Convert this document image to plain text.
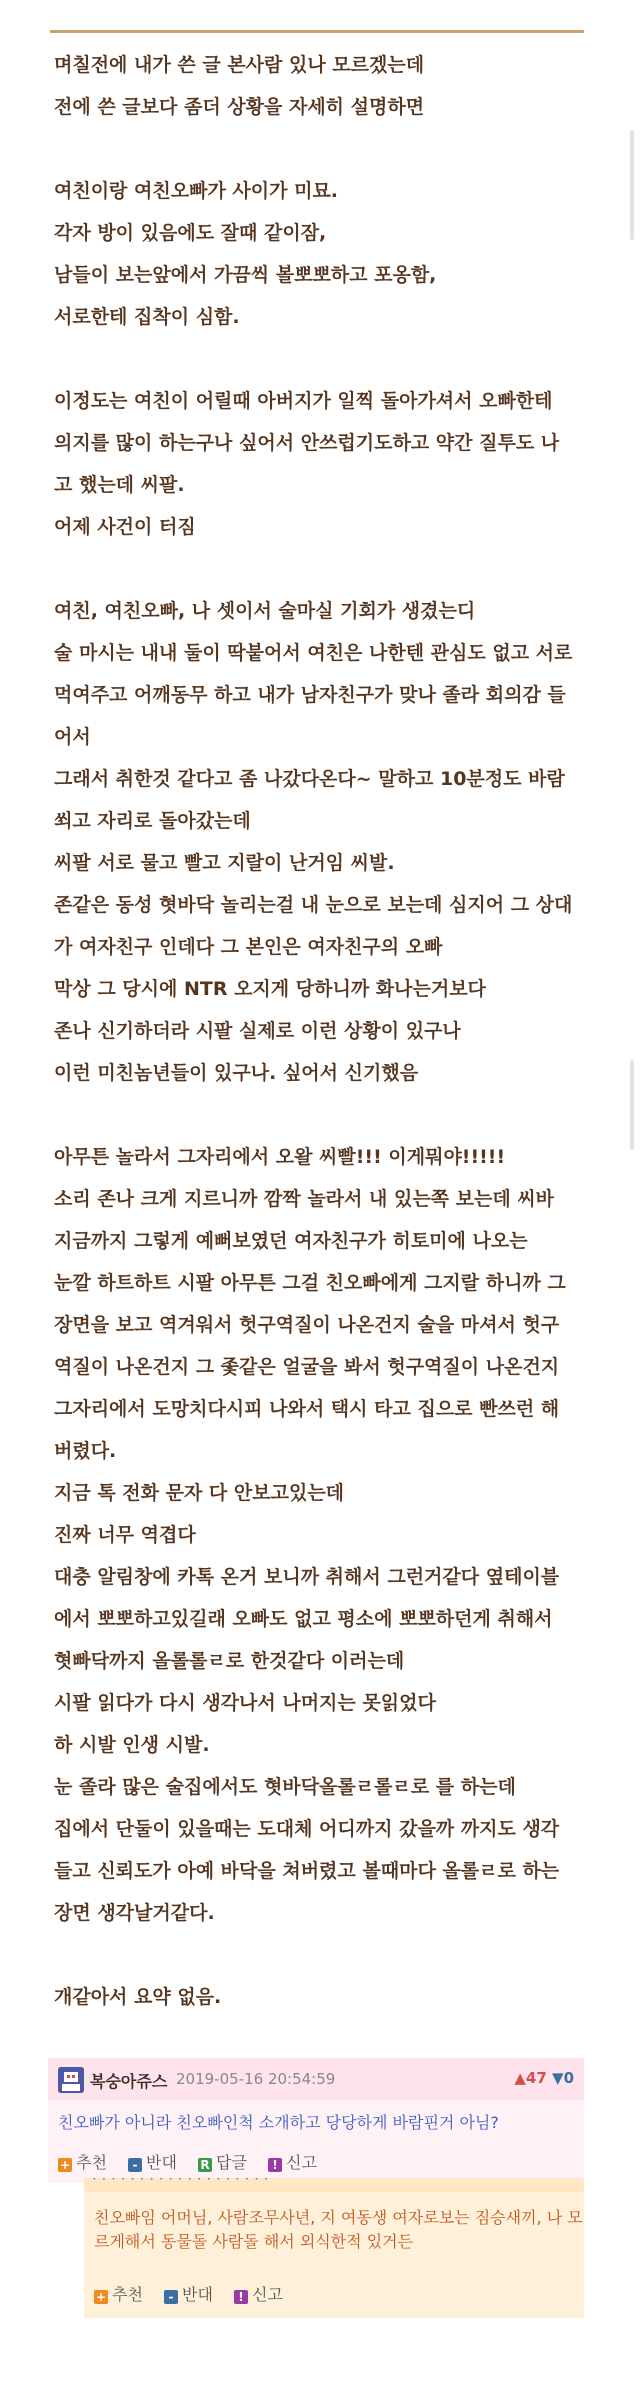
며칠전에 내가 쓴 글 본사람 있나 모르겠는데
전에 쓴 글보다 좀더 상황을 자세히 설명하면
여친이랑 여친오빠가 사이가 미묘.
각자 방이 있음에도 잘때 같이잠,
남들이 보는앞에서 가끔씩 볼뽀뽀하고 포옹함,
서로한테 집착이 심함.
이정도는 여친이 어릴때 아버지가 일찍 돌아가셔서 오빠한테
의지를 많이 하는구나 싶어서 안쓰럽기도하고 약간 질투도 나
고 했는데 씨팔.
어제 사건이 터짐
여친, 여친오빠, 나 셋이서 술마실 기회가 생겼는디
술 마시는 내내 둘이 딱붙어서 여친은 나한텐 관심도 없고 서로
먹여주고 어깨동무 하고 내가 남자친구가 맞나 졸라 회의감 들
어서
그래서 취한것 같다고 좀 나갔다온다~ 말하고 10분정도 바람
쐬고 자리로 돌아갔는데
씨팔 서로 물고 빨고 지랄이 난거임 씨발.
존같은 동성 혓바닥 놀리는걸 내 눈으로 보는데 심지어 그 상대
가 여자친구 인데다 그 본인은 여자친구의 오빠
막상 그 당시에 NTR 오지게 당하니까 화나는거보다
존나 신기하더라 시팔 실제로 이런 상황이 있구나
이런 미친놈년들이 있구나. 싶어서 신기했음
아무튼 놀라서 그자리에서 오왈 씨빨!!! 이게뭐야!!!!!
소리 존나 크게 지르니까 깜짝 놀라서 내 있는쪽 보는데 씨바
지금까지 그렇게 예뻐보였던 여자친구가 히토미에 나오는
눈깔 하트하트 시팔 아무튼 그걸 친오빠에게 그지랄 하니까 그
장면을 보고 역겨워서 헛구역질이 나온건지 술을 마셔서 헛구
역질이 나온건지 그 좇같은 얼굴을 봐서 헛구역질이 나온건지
그자리에서 도망치다시피 나와서 택시 타고 집으로 빤쓰런 해
버렸다.
지금 톡 전화 문자 다 안보고있는데
진짜 너무 역겹다
대충 알림창에 카톡 온거 보니까 취해서 그런거같다 옆테이블
에서 뽀뽀하고있길래 오빠도 없고 평소에 뽀뽀하던게 취해서
혓빠닥까지 올롤롤ㄹ로 한것같다 이러는데
시팔 읽다가 다시 생각나서 나머지는 못읽었다
하 시발 인생 시발.
눈 졸라 많은 술집에서도 혓바닥올롤ㄹ롤ㄹ로 를 하는데
집에서 단둘이 있을때는 도대체 어디까지 갔을까 까지도 생각
들고 신뢰도가 아예 바닥을 쳐버렸고 볼때마다 올롤ㄹ로 하는
장면 생각날거같다.
개같아서 요약 없음.
복숭아쥬스 2019-05-16 20:54:59	▲47 ▼0
친오빠가 아니라 친오빠인척 소개하고 당당하게 바람핀거 아님?
+ 추천 - 반대 R 답글 ! 신고
· · · · · · · · · · · · · · · · · · ·
친오빠임 어머님, 사람조무사년, 지 여동생 여자로보는 짐승새끼, 나 모르게해서 동물돌 사람돌 해서 외식한적 있거든
+ 추천 - 반대 ! 신고
